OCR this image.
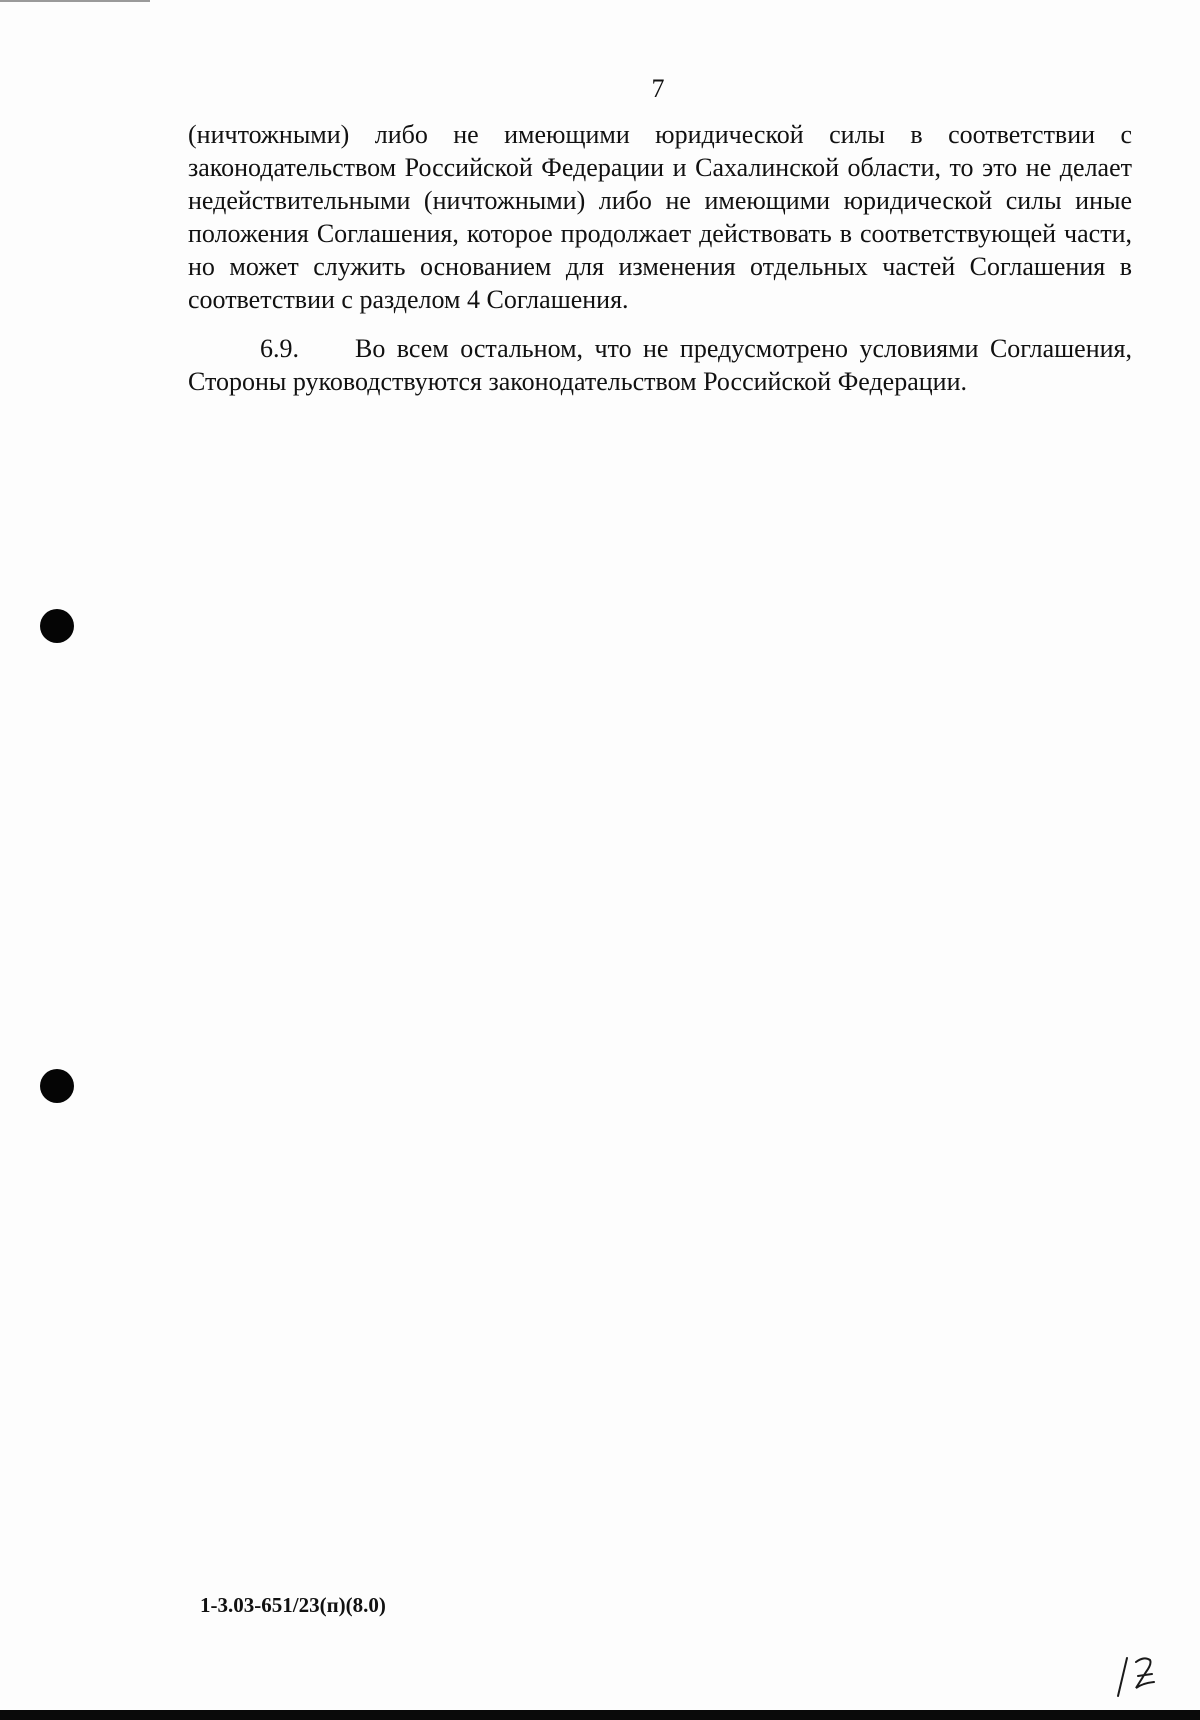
7
(ничтожными) либо не имеющими юридической силы в соответствии с законодательством Российской Федерации и Сахалинской области, то это не делает недействительными (ничтожными) либо не имеющими юридической силы иные положения Соглашения, которое продолжает действовать в соответствующей части, но может служить основанием для изменения отдельных частей Соглашения в соответствии с разделом 4 Соглашения.
6.9. Во всем остальном, что не предусмотрено условиями Соглашения, Стороны руководствуются законодательством Российской Федерации.
1-3.03-651/23(п)(8.0)
